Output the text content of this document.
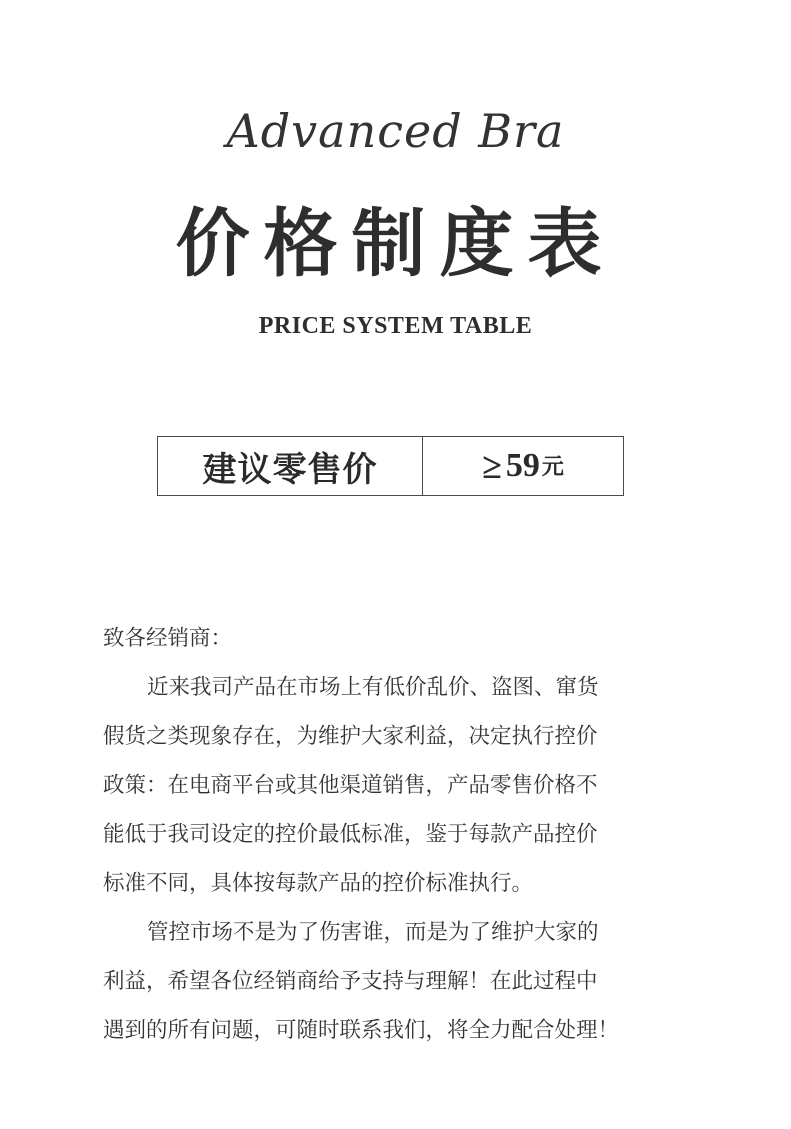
Advanced Bra
价格制度表
PRICE SYSTEM TABLE
建议零售价	≥ 59 元

致各经销商：

近来我司产品在市场上有低价乱价、盗图、窜货

假货之类现象存在，为维护大家利益，决定执行控价

政策：在电商平台或其他渠道销售，产品零售价格不

能低于我司设定的控价最低标准，鉴于每款产品控价

标准不同，具体按每款产品的控价标准执行。

管控市场不是为了伤害谁，而是为了维护大家的

利益，希望各位经销商给予支持与理解！在此过程中

遇到的所有问题，可随时联系我们，将全力配合处理！
